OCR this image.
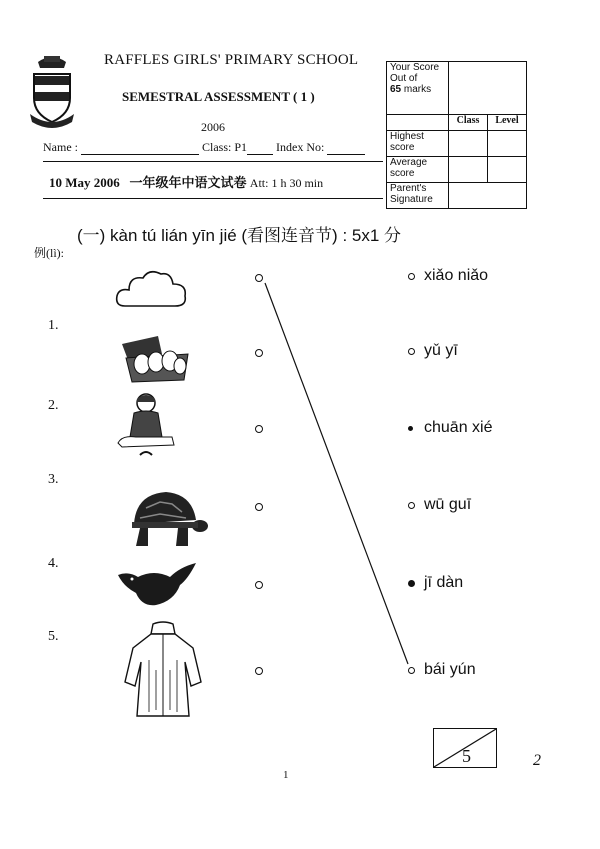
RAFFLES GIRLS' PRIMARY SCHOOL
SEMESTRAL ASSESSMENT ( 1 )
2006
Name :	Class: P1 Index No:
10 May 2006 一年级年中语文试卷 Att: 1 h 30 min
Your Score Out of
65 marks		
	Class	Level
Highest score		
Average score		
Parent's Signature		
(一) kàn tú lián yīn jié (看图连音节) : 5x1 分
例(lì):
1.
2.
3.
4.
5.
xiǎo niǎo
yǔ yī
chuān xié
wū guī
jī dàn
bái yún
5	2
1
